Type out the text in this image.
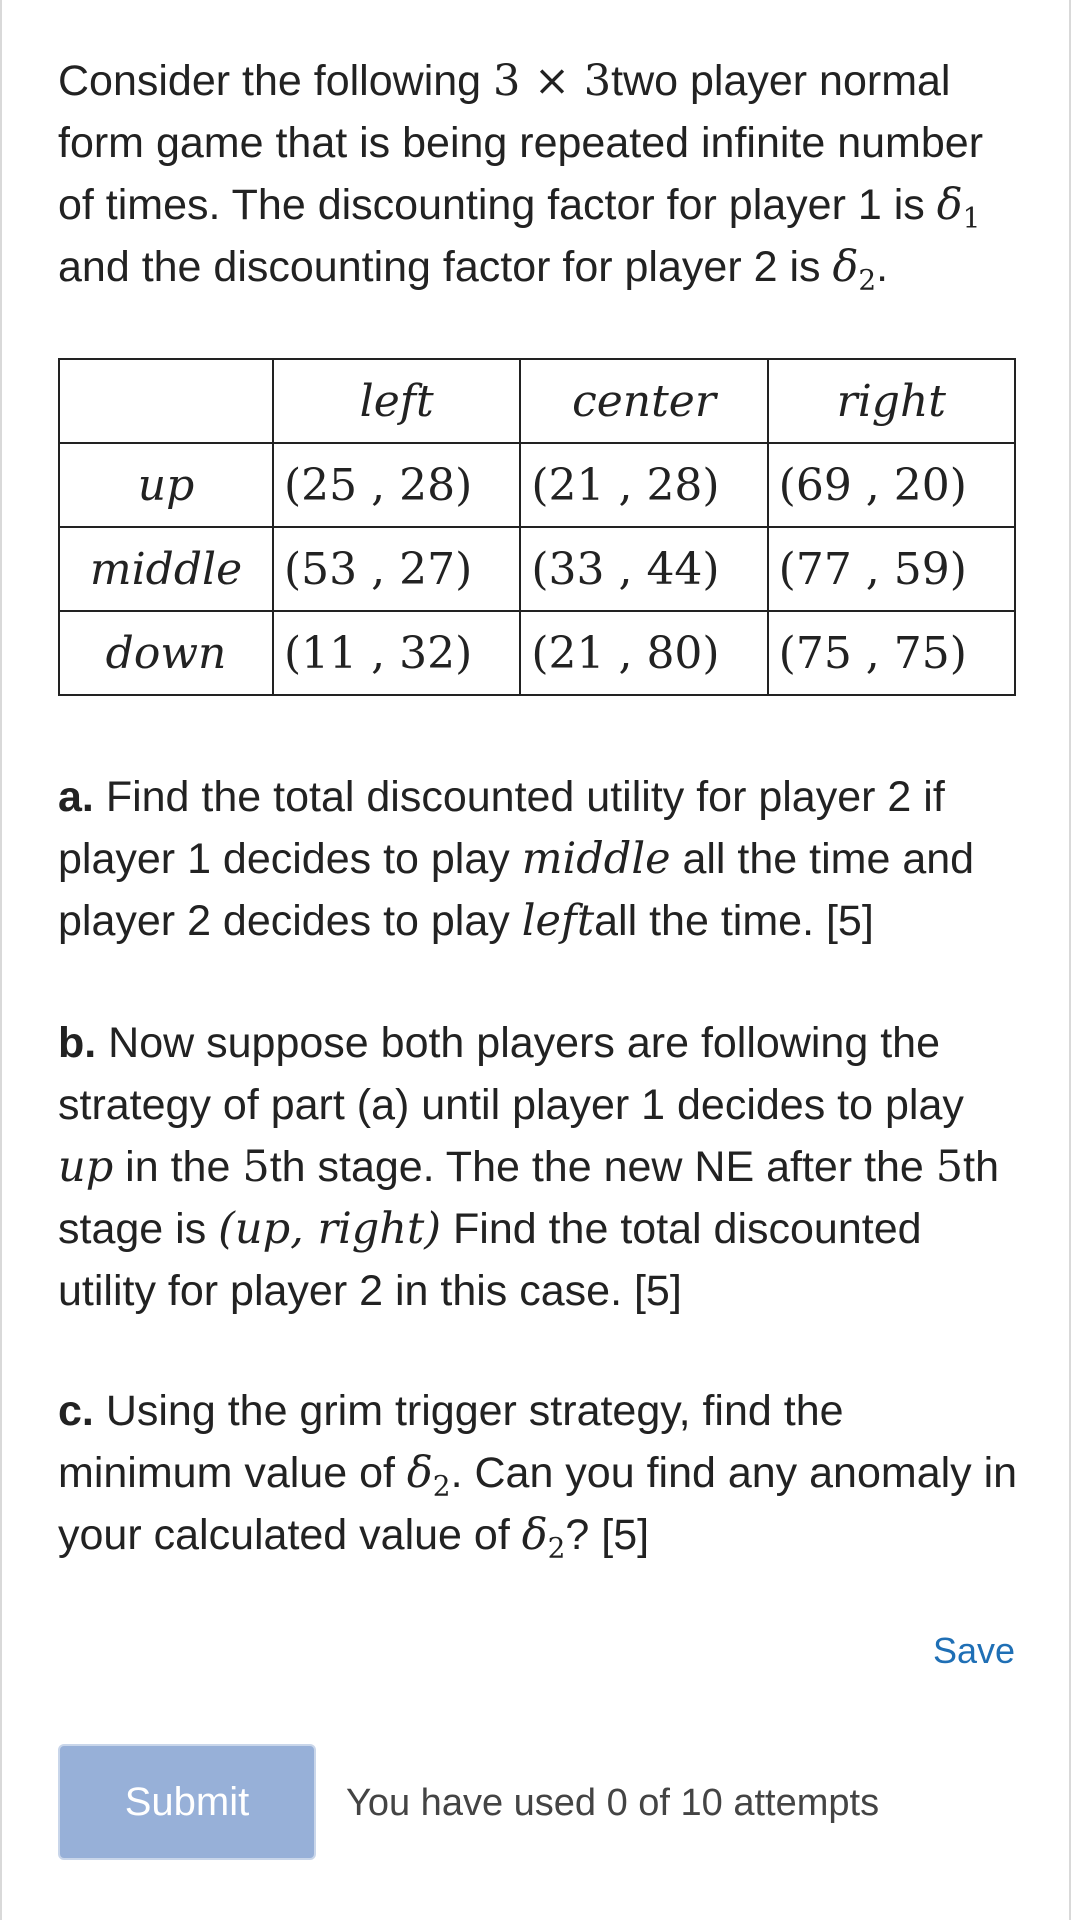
Consider the following 3 × 3two player normal form game that is being repeated infinite number of times. The discounting factor for player 1 is $\delta_1$ and the discounting factor for player 2 is $\delta_2$.

	left	center	right
up	(25 , 28)	(21 , 28)	(69 , 20)
middle	(53 , 27)	(33 , 44)	(77 , 59)
down	(11 , 32)	(21 , 80)	(75 , 75)

a. Find the total discounted utility for player 2 if player 1 decides to play middle all the time and player 2 decides to play leftall the time. [5]

b. Now suppose both players are following the strategy of part (a) until player 1 decides to play up in the 5th stage. The the new NE after the 5th stage is (up, right) Find the total discounted utility for player 2 in this case. [5]

c. Using the grim trigger strategy, find the minimum value of $\delta_2$. Can you find any anomaly in your calculated value of $\delta_2$? [5]

Save
Submit	You have used 0 of 10 attempts
